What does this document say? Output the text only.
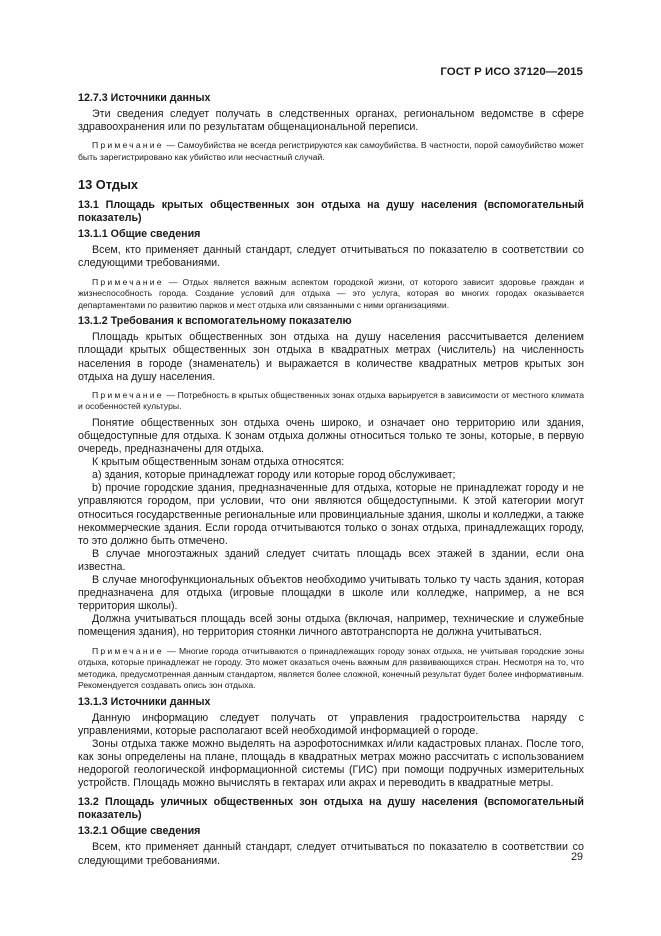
ГОСТ Р ИСО 37120—2015
12.7.3 Источники данных

Эти сведения следует получать в следственных органах, региональном ведомстве в сфере здравоохранения или по результатам общенациональной переписи.

Примечание — Самоубийства не всегда регистрируются как самоубийства. В частности, порой самоубийство может быть зарегистрировано как убийство или несчастный случай.

13 Отдых
13.1 Площадь крытых общественных зон отдыха на душу населения (вспомогательный показатель)
13.1.1 Общие сведения

Всем, кто применяет данный стандарт, следует отчитываться по показателю в соответствии со следующими требованиями.

Примечание — Отдых является важным аспектом городской жизни, от которого зависит здоровье граждан и жизнеспособность города. Создание условий для отдыха — это услуга, которая во многих городах оказывается департаментами по развитию парков и мест отдыха или связанными с ними организациями.

13.1.2 Требования к вспомогательному показателю

Площадь крытых общественных зон отдыха на душу населения рассчитывается делением площади крытых общественных зон отдыха в квадратных метрах (числитель) на численность населения в городе (знаменатель) и выражается в количестве квадратных метров крытых зон отдыха на душу населения.

Примечание — Потребность в крытых общественных зонах отдыха варьируется в зависимости от местного климата и особенностей культуры.

Понятие общественных зон отдыха очень широко, и означает оно территорию или здания, общедоступные для отдыха. К зонам отдыха должны относиться только те зоны, которые, в первую очередь, предназначены для отдыха.

К крытым общественным зонам отдыха относятся:

а) здания, которые принадлежат городу или которые город обслуживает;

b) прочие городские здания, предназначенные для отдыха, которые не принадлежат городу и не управляются городом, при условии, что они являются общедоступными. К этой категории могут относиться государственные региональные или провинциальные здания, школы и колледжи, а также некоммерческие здания. Если города отчитываются только о зонах отдыха, принадлежащих городу, то это должно быть отмечено.

В случае многоэтажных зданий следует считать площадь всех этажей в здании, если она известна.

В случае многофункциональных объектов необходимо учитывать только ту часть здания, которая предназначена для отдыха (игровые площадки в школе или колледже, например, а не вся территория школы).

Должна учитываться площадь всей зоны отдыха (включая, например, технические и служебные помещения здания), но территория стоянки личного автотранспорта не должна учитываться.

Примечание — Многие города отчитываются о принадлежащих городу зонах отдыха, не учитывая городские зоны отдыха, которые принадлежат не городу. Это может оказаться очень важным для развивающихся стран. Несмотря на то, что методика, предусмотренная данным стандартом, является более сложной, конечный результат будет более информативным. Рекомендуется создавать опись зон отдыха.

13.1.3 Источники данных

Данную информацию следует получать от управления градостроительства наряду с управлениями, которые располагают всей необходимой информацией о городе.

Зоны отдыха также можно выделять на аэрофотоснимках и/или кадастровых планах. После того, как зоны определены на плане, площадь в квадратных метрах можно рассчитать с использованием недорогой геологической информационной системы (ГИС) при помощи подручных измерительных устройств. Площадь можно вычислять в гектарах или акрах и переводить в квадратные метры.

13.2 Площадь уличных общественных зон отдыха на душу населения (вспомогательный показатель)
13.2.1 Общие сведения

Всем, кто применяет данный стандарт, следует отчитываться по показателю в соответствии со следующими требованиями.	29
